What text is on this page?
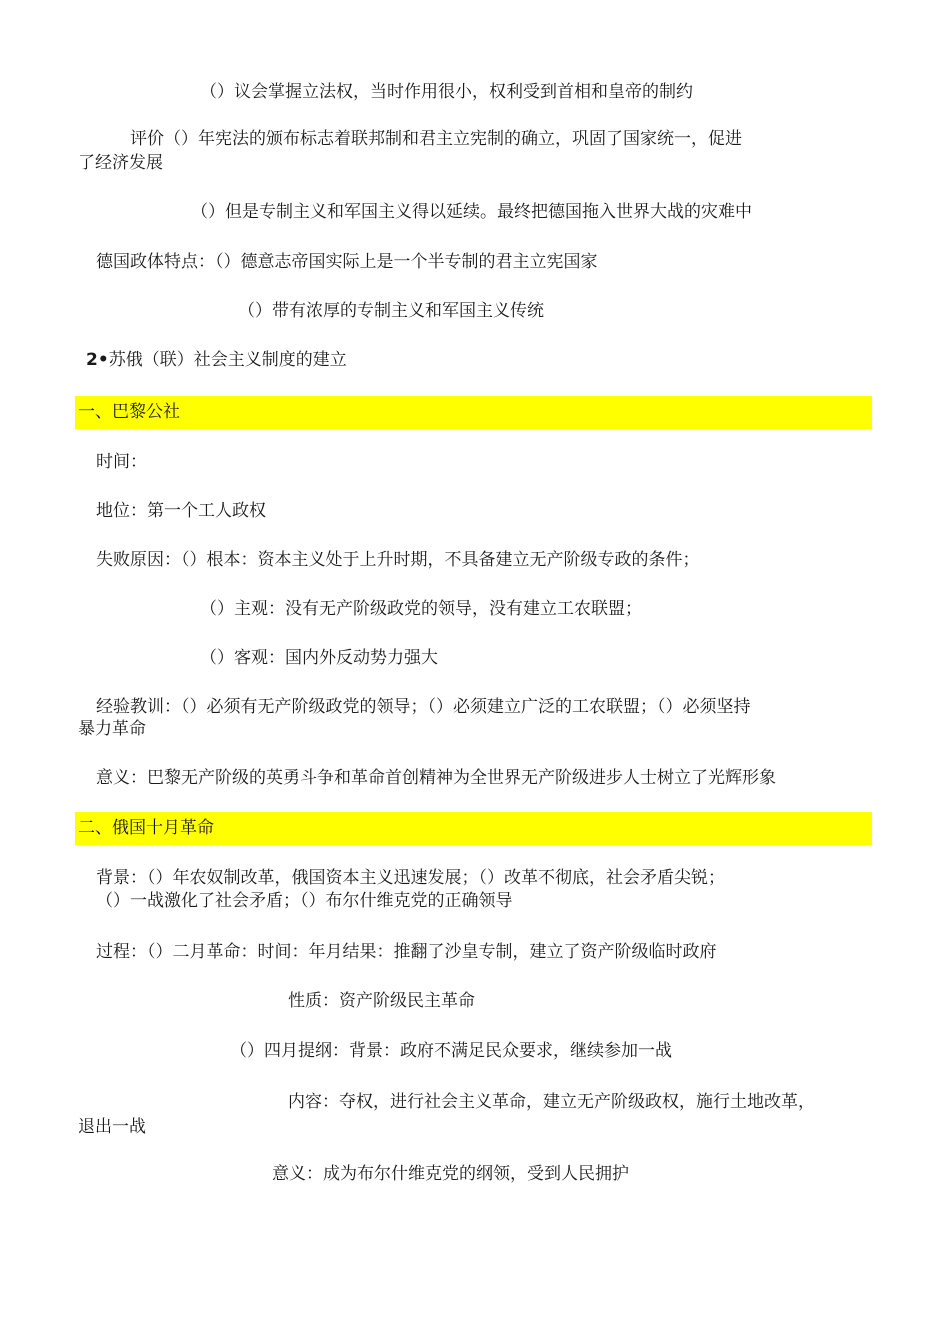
（）议会掌握立法权，当时作用很小，权利受到首相和皇帝的制约
评价（）年宪法的颁布标志着联邦制和君主立宪制的确立，巩固了国家统一，促进
了经济发展
（）但是专制主义和军国主义得以延续。最终把德国拖入世界大战的灾难中
德国政体特点：（）德意志帝国实际上是一个半专制的君主立宪国家
（）带有浓厚的专制主义和军国主义传统
2•苏俄（联）社会主义制度的建立
一、巴黎公社
时间：
地位：第一个工人政权
失败原因：（）根本：资本主义处于上升时期，不具备建立无产阶级专政的条件；
（）主观：没有无产阶级政党的领导，没有建立工农联盟；
（）客观：国内外反动势力强大
经验教训：（）必须有无产阶级政党的领导；（）必须建立广泛的工农联盟；（）必须坚持
暴力革命
意义：巴黎无产阶级的英勇斗争和革命首创精神为全世界无产阶级进步人士树立了光辉形象
二、俄国十月革命
背景：（）年农奴制改革，俄国资本主义迅速发展；（）改革不彻底，社会矛盾尖锐；
（）一战激化了社会矛盾；（）布尔什维克党的正确领导
过程：（）二月革命：时间：年月结果：推翻了沙皇专制，建立了资产阶级临时政府
性质：资产阶级民主革命
（）四月提纲：背景：政府不满足民众要求，继续参加一战
内容：夺权，进行社会主义革命，建立无产阶级政权，施行土地改革，
退出一战
意义：成为布尔什维克党的纲领，受到人民拥护
